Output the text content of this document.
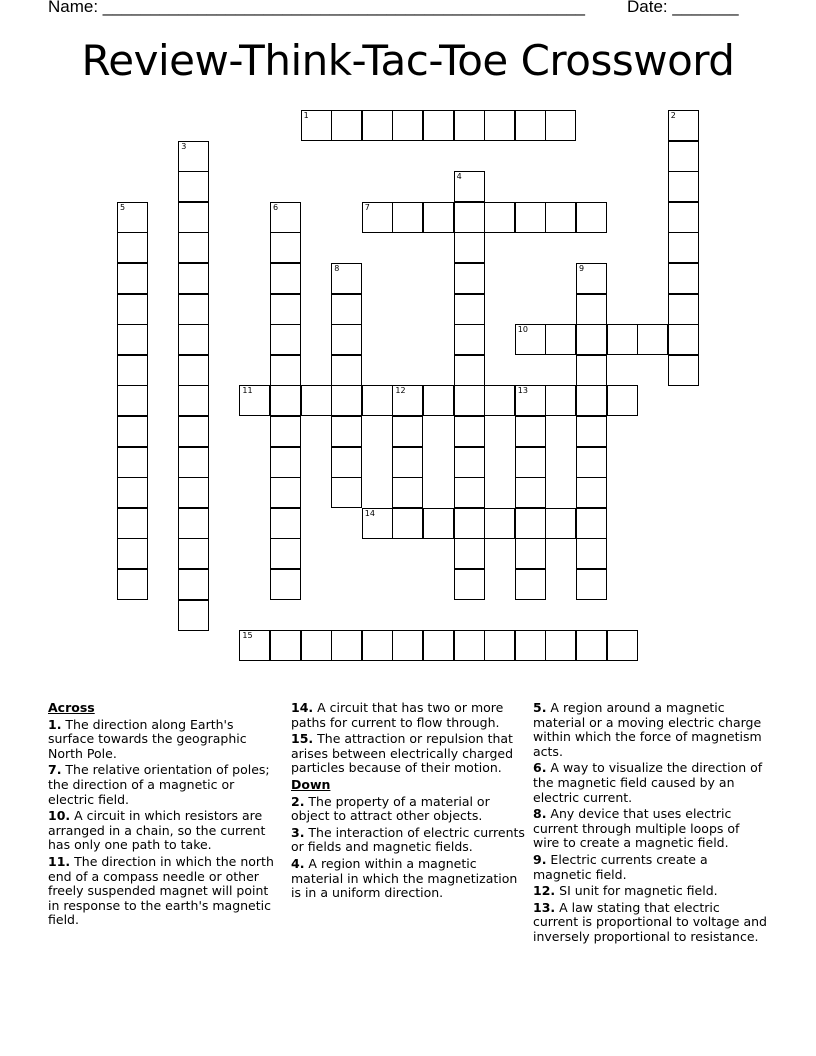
Name: ___________________________________________________ Date: _______
Review-Think-Tac-Toe Crossword
1	2
3
4
5	6	7
8	9
10
11	12	13
14
15
Across
1. The direction along Earth's surface towards the geographic North Pole.
7. The relative orientation of poles; the direction of a magnetic or electric field.
10. A circuit in which resistors are arranged in a chain, so the current has only one path to take.
11. The direction in which the north end of a compass needle or other freely suspended magnet will point in response to the earth's magnetic field.
14. A circuit that has two or more paths for current to flow through.
15. The attraction or repulsion that arises between electrically charged particles because of their motion.
Down
2. The property of a material or object to attract other objects.
3. The interaction of electric currents or fields and magnetic fields.
4. A region within a magnetic material in which the magnetization is in a uniform direction.
5. A region around a magnetic material or a moving electric charge within which the force of magnetism acts.
6. A way to visualize the direction of the magnetic field caused by an electric current.
8. Any device that uses electric current through multiple loops of wire to create a magnetic field.
9. Electric currents create a magnetic field.
12. SI unit for magnetic field.
13. A law stating that electric current is proportional to voltage and inversely proportional to resistance.
